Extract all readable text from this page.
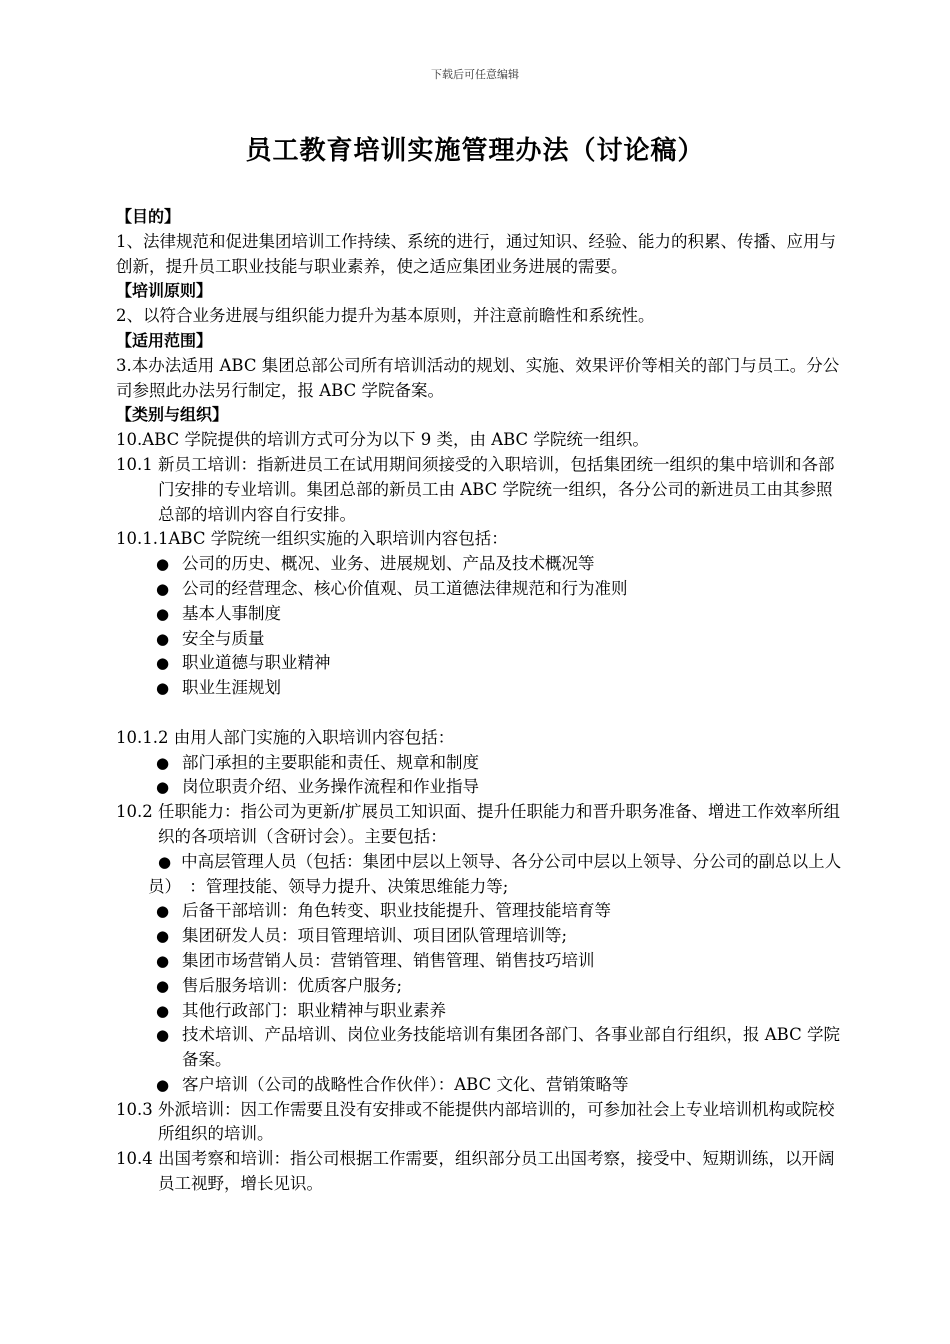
下载后可任意编辑
员工教育培训实施管理办法（讨论稿）
【目的】

1、法律规范和促进集团培训工作持续、系统的进行，通过知识、经验、能力的积累、传播、应用与创新，提升员工职业技能与职业素养，使之适应集团业务进展的需要。

【培训原则】

2、以符合业务进展与组织能力提升为基本原则，并注意前瞻性和系统性。

【适用范围】

3.本办法适用 ABC 集团总部公司所有培训活动的规划、实施、效果评价等相关的部门与员工。分公司参照此办法另行制定，报 ABC 学院备案。

【类别与组织】

10.ABC 学院提供的培训方式可分为以下 9 类，由 ABC 学院统一组织。

10.1 新员工培训：指新进员工在试用期间须接受的入职培训，包括集团统一组织的集中培训和各部门安排的专业培训。集团总部的新员工由 ABC 学院统一组织，各分公司的新进员工由其参照总部的培训内容自行安排。

10.1.1ABC 学院统一组织实施的入职培训内容包括：

● 公司的历史、概况、业务、进展规划、产品及技术概况等
● 公司的经营理念、核心价值观、员工道德法律规范和行为准则
● 基本人事制度
● 安全与质量
● 职业道德与职业精神
● 职业生涯规划

10.1.2 由用人部门实施的入职培训内容包括：

● 部门承担的主要职能和责任、规章和制度
● 岗位职责介绍、业务操作流程和作业指导

10.2 任职能力：指公司为更新/扩展员工知识面、提升任职能力和晋升职务准备、增进工作效率所组织的各项培训（含研讨会）。主要包括：

● 中高层管理人员（包括：集团中层以上领导、各分公司中层以上领导、分公司的副总以上人员）　：管理技能、领导力提升、决策思维能力等;
● 后备干部培训：角色转变、职业技能提升、管理技能培育等
● 集团研发人员：项目管理培训、项目团队管理培训等;
● 集团市场营销人员：营销管理、销售管理、销售技巧培训
● 售后服务培训：优质客户服务;
● 其他行政部门：职业精神与职业素养
● 技术培训、产品培训、岗位业务技能培训有集团各部门、各事业部自行组织，报 ABC 学院备案。
● 客户培训（公司的战略性合作伙伴）：ABC 文化、营销策略等

10.3 外派培训：因工作需要且没有安排或不能提供内部培训的，可参加社会上专业培训机构或院校所组织的培训。

10.4 出国考察和培训：指公司根据工作需要，组织部分员工出国考察，接受中、短期训练，以开阔员工视野，增长见识。
